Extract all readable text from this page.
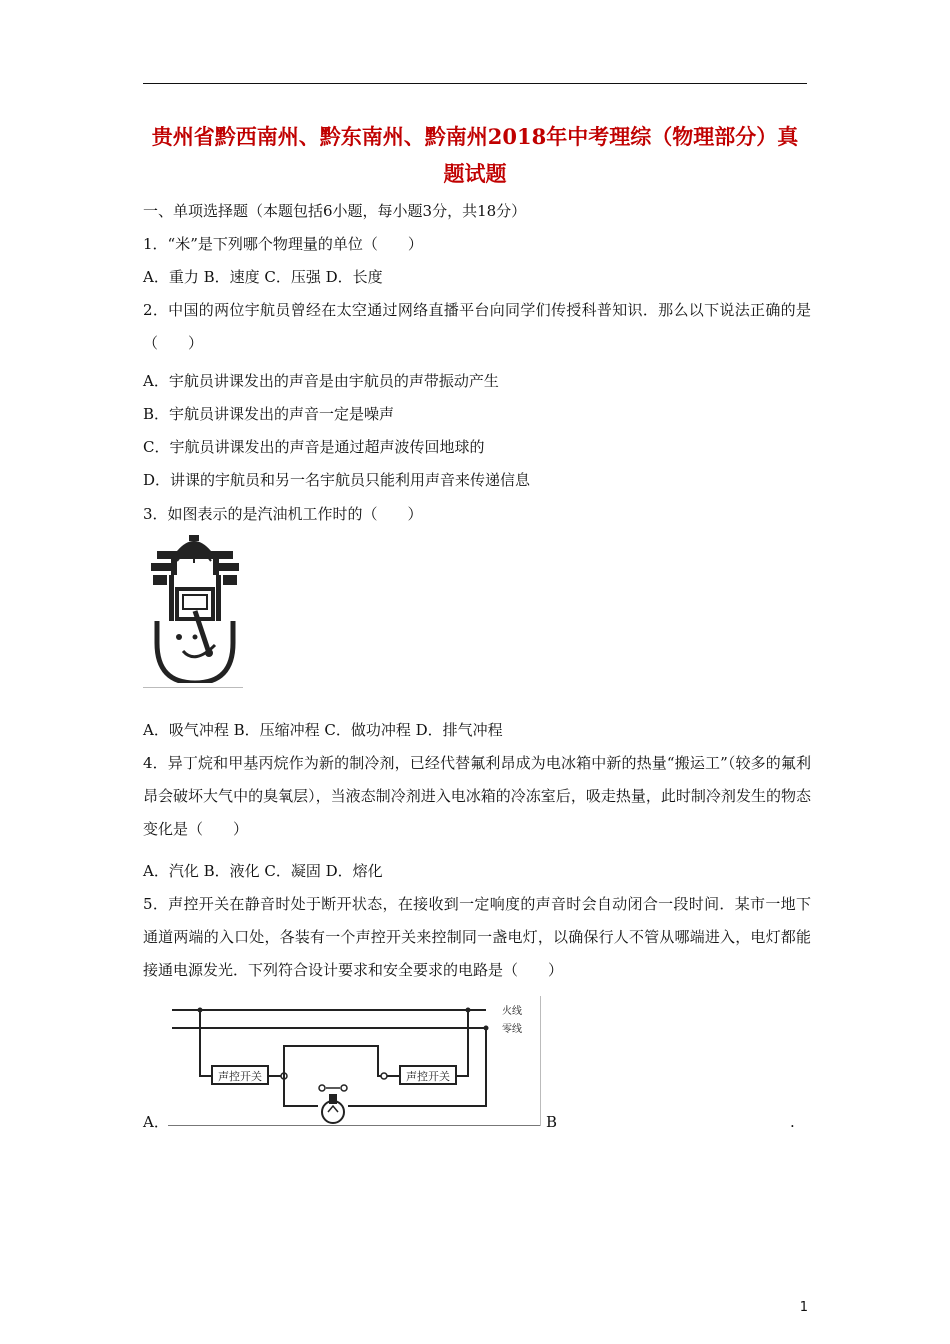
贵州省黔西南州、黔东南州、黔南州2018年中考理综（物理部分）真
题试题
一、单项选择题（本题包括6小题，每小题3分，共18分）
1．“米”是下列哪个物理量的单位（　　）
A．重力 B．速度 C．压强 D．长度
2．中国的两位宇航员曾经在太空通过网络直播平台向同学们传授科普知识．那么以下说法正确的是（　　）
A．宇航员讲课发出的声音是由宇航员的声带振动产生
B．宇航员讲课发出的声音一定是噪声
C．宇航员讲课发出的声音是通过超声波传回地球的
D．讲课的宇航员和另一名宇航员只能利用声音来传递信息
3．如图表示的是汽油机工作时的（　　）
A．吸气冲程 B．压缩冲程 C．做功冲程 D．排气冲程
4．异丁烷和甲基丙烷作为新的制冷剂，已经代替氟利昂成为电冰箱中新的热量“搬运工”（较多的氟利昂会破坏大气中的臭氧层），当液态制冷剂进入电冰箱的冷冻室后，吸走热量，此时制冷剂发生的物态变化是（　　）
A．汽化 B．液化 C．凝固 D．熔化
5．声控开关在静音时处于断开状态，在接收到一定响度的声音时会自动闭合一段时间．某市一地下通道两端的入口处，各装有一个声控开关来控制同一盏电灯，以确保行人不管从哪端进入，电灯都能接通电源发光．下列符合设计要求和安全要求的电路是（　　）
火线
零线
声控开关	声控开关
A．	B	.
1
